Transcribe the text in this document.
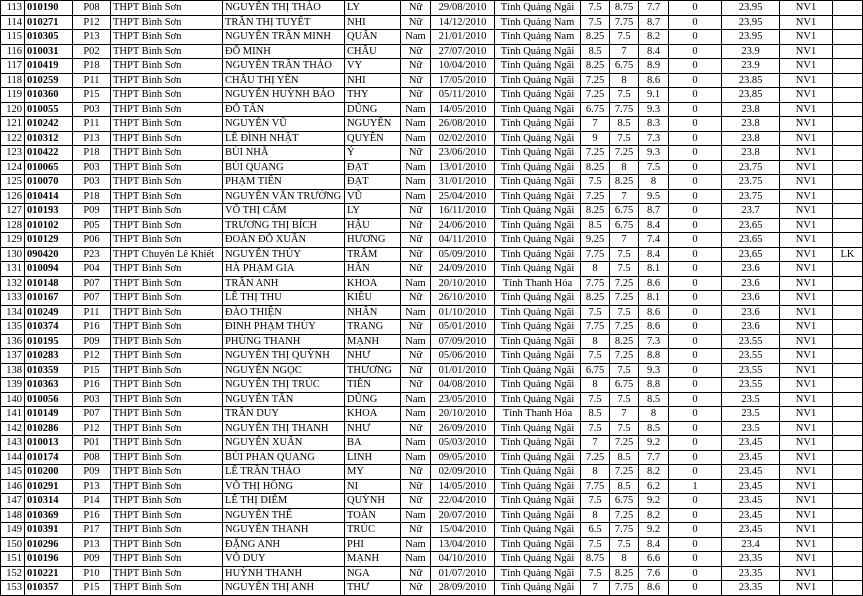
113	010190	P08	THPT Bình Sơn	NGUYỄN THỊ THẢO	LY	Nữ	29/08/2010	Tỉnh Quảng Ngãi	7.5	8.75	7.7	0	23.95	NV1	
114	010271	P12	THPT Bình Sơn	TRẦN THỊ TUYẾT	NHI	Nữ	14/12/2010	Tỉnh Quảng Nam	7.5	7.75	8.7	0	23.95	NV1	
115	010305	P13	THPT Bình Sơn	NGUYỄN TRẦN MINH	QUÂN	Nam	21/01/2010	Tỉnh Quảng Nam	8.25	7.5	8.2	0	23.95	NV1	
116	010031	P02	THPT Bình Sơn	ĐỖ MINH	CHÂU	Nữ	27/07/2010	Tỉnh Quảng Ngãi	8.5	7	8.4	0	23.9	NV1	
117	010419	P18	THPT Bình Sơn	NGUYỄN TRẦN THẢO	VY	Nữ	10/04/2010	Tỉnh Quảng Ngãi	8.25	6.75	8.9	0	23.9	NV1	
118	010259	P11	THPT Bình Sơn	CHÂU THỊ YẾN	NHI	Nữ	17/05/2010	Tỉnh Quảng Ngãi	7.25	8	8.6	0	23.85	NV1	
119	010360	P15	THPT Bình Sơn	NGUYỄN HUỲNH BẢO	THY	Nữ	05/11/2010	Tỉnh Quảng Ngãi	7.25	7.5	9.1	0	23.85	NV1	
120	010055	P03	THPT Bình Sơn	ĐỖ TẤN	DŨNG	Nam	14/05/2010	Tỉnh Quảng Ngãi	6.75	7.75	9.3	0	23.8	NV1	
121	010242	P11	THPT Bình Sơn	NGUYỄN VŨ	NGUYÊN	Nam	26/08/2010	Tỉnh Quảng Ngãi	7	8.5	8.3	0	23.8	NV1	
122	010312	P13	THPT Bình Sơn	LÊ ĐÌNH NHẬT	QUYỀN	Nam	02/02/2010	Tỉnh Quảng Ngãi	9	7.5	7.3	0	23.8	NV1	
123	010422	P18	THPT Bình Sơn	BÙI NHÃ	Ý	Nữ	23/06/2010	Tỉnh Quảng Ngãi	7.25	7.25	9.3	0	23.8	NV1	
124	010065	P03	THPT Bình Sơn	BÙI QUANG	ĐẠT	Nam	13/01/2010	Tỉnh Quảng Ngãi	8.25	8	7.5	0	23.75	NV1	
125	010070	P03	THPT Bình Sơn	PHẠM TIẾN	ĐẠT	Nam	31/01/2010	Tỉnh Quảng Ngãi	7.5	8.25	8	0	23.75	NV1	
126	010414	P18	THPT Bình Sơn	NGUYỄN VĂN TRƯỜNG	VŨ	Nam	25/04/2010	Tỉnh Quảng Ngãi	7.25	7	9.5	0	23.75	NV1	
127	010193	P09	THPT Bình Sơn	VÕ THỊ CẨM	LY	Nữ	16/11/2010	Tỉnh Quảng Ngãi	8.25	6.75	8.7	0	23.7	NV1	
128	010102	P05	THPT Bình Sơn	TRƯƠNG THỊ BÍCH	HẬU	Nữ	24/06/2010	Tỉnh Quảng Ngãi	8.5	6.75	8.4	0	23.65	NV1	
129	010129	P06	THPT Bình Sơn	ĐOÀN ĐỖ XUÂN	HƯƠNG	Nữ	04/11/2010	Tỉnh Quảng Ngãi	9.25	7	7.4	0	23.65	NV1	
130	090420	P23	THPT Chuyên Lê Khiết	NGUYỄN THÙY	TRÂM	Nữ	05/09/2010	Tỉnh Quảng Ngãi	7.75	7.5	8.4	0	23.65	NV1	LK
131	010094	P04	THPT Bình Sơn	HÀ PHẠM GIA	HÂN	Nữ	24/09/2010	Tỉnh Quảng Ngãi	8	7.5	8.1	0	23.6	NV1	
132	010148	P07	THPT Bình Sơn	TRẦN ANH	KHOA	Nam	20/10/2010	Tỉnh Thanh Hóa	7.75	7.25	8.6	0	23.6	NV1	
133	010167	P07	THPT Bình Sơn	LÊ THỊ THU	KIỀU	Nữ	26/10/2010	Tỉnh Quảng Ngãi	8.25	7.25	8.1	0	23.6	NV1	
134	010249	P11	THPT Bình Sơn	ĐÀO THIỆN	NHÂN	Nam	01/10/2010	Tỉnh Quảng Ngãi	7.5	7.5	8.6	0	23.6	NV1	
135	010374	P16	THPT Bình Sơn	ĐINH PHẠM THÙY	TRANG	Nữ	05/01/2010	Tỉnh Quảng Ngãi	7.75	7.25	8.6	0	23.6	NV1	
136	010195	P09	THPT Bình Sơn	PHÙNG THANH	MẠNH	Nam	07/09/2010	Tỉnh Quảng Ngãi	8	8.25	7.3	0	23.55	NV1	
137	010283	P12	THPT Bình Sơn	NGUYỄN THỊ QUỲNH	NHƯ	Nữ	05/06/2010	Tỉnh Quảng Ngãi	7.5	7.25	8.8	0	23.55	NV1	
138	010359	P15	THPT Bình Sơn	NGUYỄN NGỌC	THƯƠNG	Nữ	01/01/2010	Tỉnh Quảng Ngãi	6.75	7.5	9.3	0	23.55	NV1	
139	010363	P16	THPT Bình Sơn	NGUYỄN THỊ TRÚC	TIÊN	Nữ	04/08/2010	Tỉnh Quảng Ngãi	8	6.75	8.8	0	23.55	NV1	
140	010056	P03	THPT Bình Sơn	NGUYỄN TẤN	DŨNG	Nam	23/05/2010	Tỉnh Quảng Ngãi	7.5	7.5	8.5	0	23.5	NV1	
141	010149	P07	THPT Bình Sơn	TRẦN DUY	KHOA	Nam	20/10/2010	Tỉnh Thanh Hóa	8.5	7	8	0	23.5	NV1	
142	010286	P12	THPT Bình Sơn	NGUYỄN THỊ THANH	NHƯ	Nữ	26/09/2010	Tỉnh Quảng Ngãi	7.5	7.5	8.5	0	23.5	NV1	
143	010013	P01	THPT Bình Sơn	NGUYỄN XUÂN	BA	Nam	05/03/2010	Tỉnh Quảng Ngãi	7	7.25	9.2	0	23.45	NV1	
144	010174	P08	THPT Bình Sơn	BÙI PHAN QUANG	LINH	Nam	09/05/2010	Tỉnh Quảng Ngãi	7.25	8.5	7.7	0	23.45	NV1	
145	010200	P09	THPT Bình Sơn	LÊ TRẦN THẢO	MY	Nữ	02/09/2010	Tỉnh Quảng Ngãi	8	7.25	8.2	0	23.45	NV1	
146	010291	P13	THPT Bình Sơn	VÕ THỊ HỒNG	NI	Nữ	14/05/2010	Tỉnh Quảng Ngãi	7.75	8.5	6.2	1	23.45	NV1	
147	010314	P14	THPT Bình Sơn	LÊ THỊ DIỄM	QUỲNH	Nữ	22/04/2010	Tỉnh Quảng Ngãi	7.5	6.75	9.2	0	23.45	NV1	
148	010369	P16	THPT Bình Sơn	NGUYỄN THẾ	TOÀN	Nam	20/07/2010	Tỉnh Quảng Ngãi	8	7.25	8.2	0	23.45	NV1	
149	010391	P17	THPT Bình Sơn	NGUYỄN THANH	TRÚC	Nữ	15/04/2010	Tỉnh Quảng Ngãi	6.5	7.75	9.2	0	23.45	NV1	
150	010296	P13	THPT Bình Sơn	ĐẶNG ANH	PHI	Nam	13/04/2010	Tỉnh Quảng Ngãi	7.5	7.5	8.4	0	23.4	NV1	
151	010196	P09	THPT Bình Sơn	VÕ DUY	MẠNH	Nam	04/10/2010	Tỉnh Quảng Ngãi	8.75	8	6.6	0	23.35	NV1	
152	010221	P10	THPT Bình Sơn	HUỲNH THANH	NGA	Nữ	01/07/2010	Tỉnh Quảng Ngãi	7.5	8.25	7.6	0	23.35	NV1	
153	010357	P15	THPT Bình Sơn	NGUYỄN THỊ ANH	THƯ	Nữ	28/09/2010	Tỉnh Quảng Ngãi	7	7.75	8.6	0	23.35	NV1	
